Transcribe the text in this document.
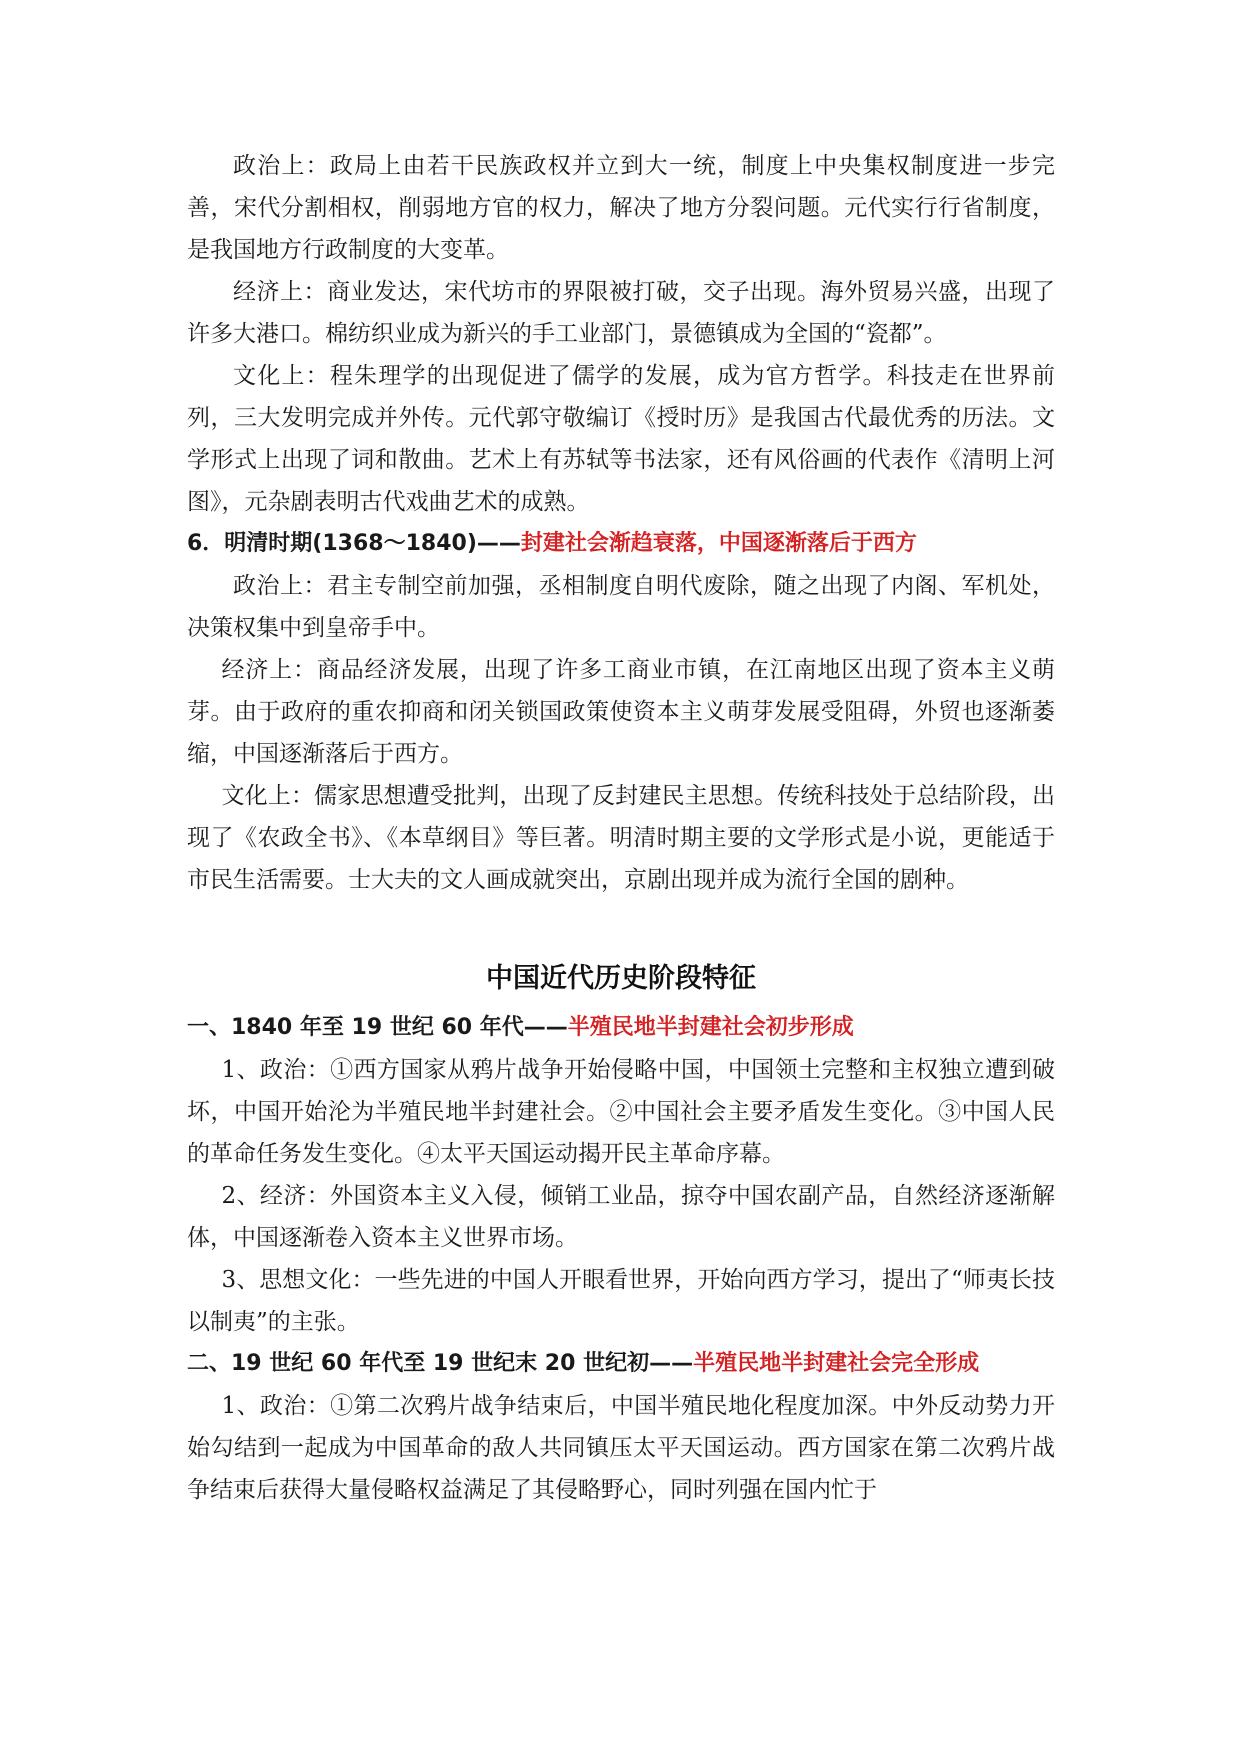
政治上：政局上由若干民族政权并立到大一统，制度上中央集权制度进一步完善，宋代分割相权，削弱地方官的权力，解决了地方分裂问题。元代实行行省制度，是我国地方行政制度的大变革。

经济上：商业发达，宋代坊市的界限被打破，交子出现。海外贸易兴盛，出现了许多大港口。棉纺织业成为新兴的手工业部门，景德镇成为全国的“瓷都”。

文化上：程朱理学的出现促进了儒学的发展，成为官方哲学。科技走在世界前列，三大发明完成并外传。元代郭守敬编订《授时历》是我国古代最优秀的历法。文学形式上出现了词和散曲。艺术上有苏轼等书法家，还有风俗画的代表作《清明上河图》，元杂剧表明古代戏曲艺术的成熟。

6．明清时期(1368～1840)——封建社会渐趋衰落，中国逐渐落后于西方

政治上：君主专制空前加强，丞相制度自明代废除，随之出现了内阁、军机处，决策权集中到皇帝手中。

经济上：商品经济发展，出现了许多工商业市镇，在江南地区出现了资本主义萌芽。由于政府的重农抑商和闭关锁国政策使资本主义萌芽发展受阻碍，外贸也逐渐萎缩，中国逐渐落后于西方。

文化上：儒家思想遭受批判，出现了反封建民主思想。传统科技处于总结阶段，出现了《农政全书》、《本草纲目》等巨著。明清时期主要的文学形式是小说，更能适于市民生活需要。士大夫的文人画成就突出，京剧出现并成为流行全国的剧种。

中国近代历史阶段特征

一、1840 年至 19 世纪 60 年代——半殖民地半封建社会初步形成

1、政治：①西方国家从鸦片战争开始侵略中国，中国领土完整和主权独立遭到破坏，中国开始沦为半殖民地半封建社会。②中国社会主要矛盾发生变化。③中国人民的革命任务发生变化。④太平天国运动揭开民主革命序幕。

2、经济：外国资本主义入侵，倾销工业品，掠夺中国农副产品，自然经济逐渐解体，中国逐渐卷入资本主义世界市场。

3、思想文化：一些先进的中国人开眼看世界，开始向西方学习，提出了“师夷长技以制夷”的主张。

二、19 世纪 60 年代至 19 世纪末 20 世纪初——半殖民地半封建社会完全形成

1、政治：①第二次鸦片战争结束后，中国半殖民地化程度加深。中外反动势力开始勾结到一起成为中国革命的敌人共同镇压太平天国运动。西方国家在第二次鸦片战争结束后获得大量侵略权益满足了其侵略野心，同时列强在国内忙于
